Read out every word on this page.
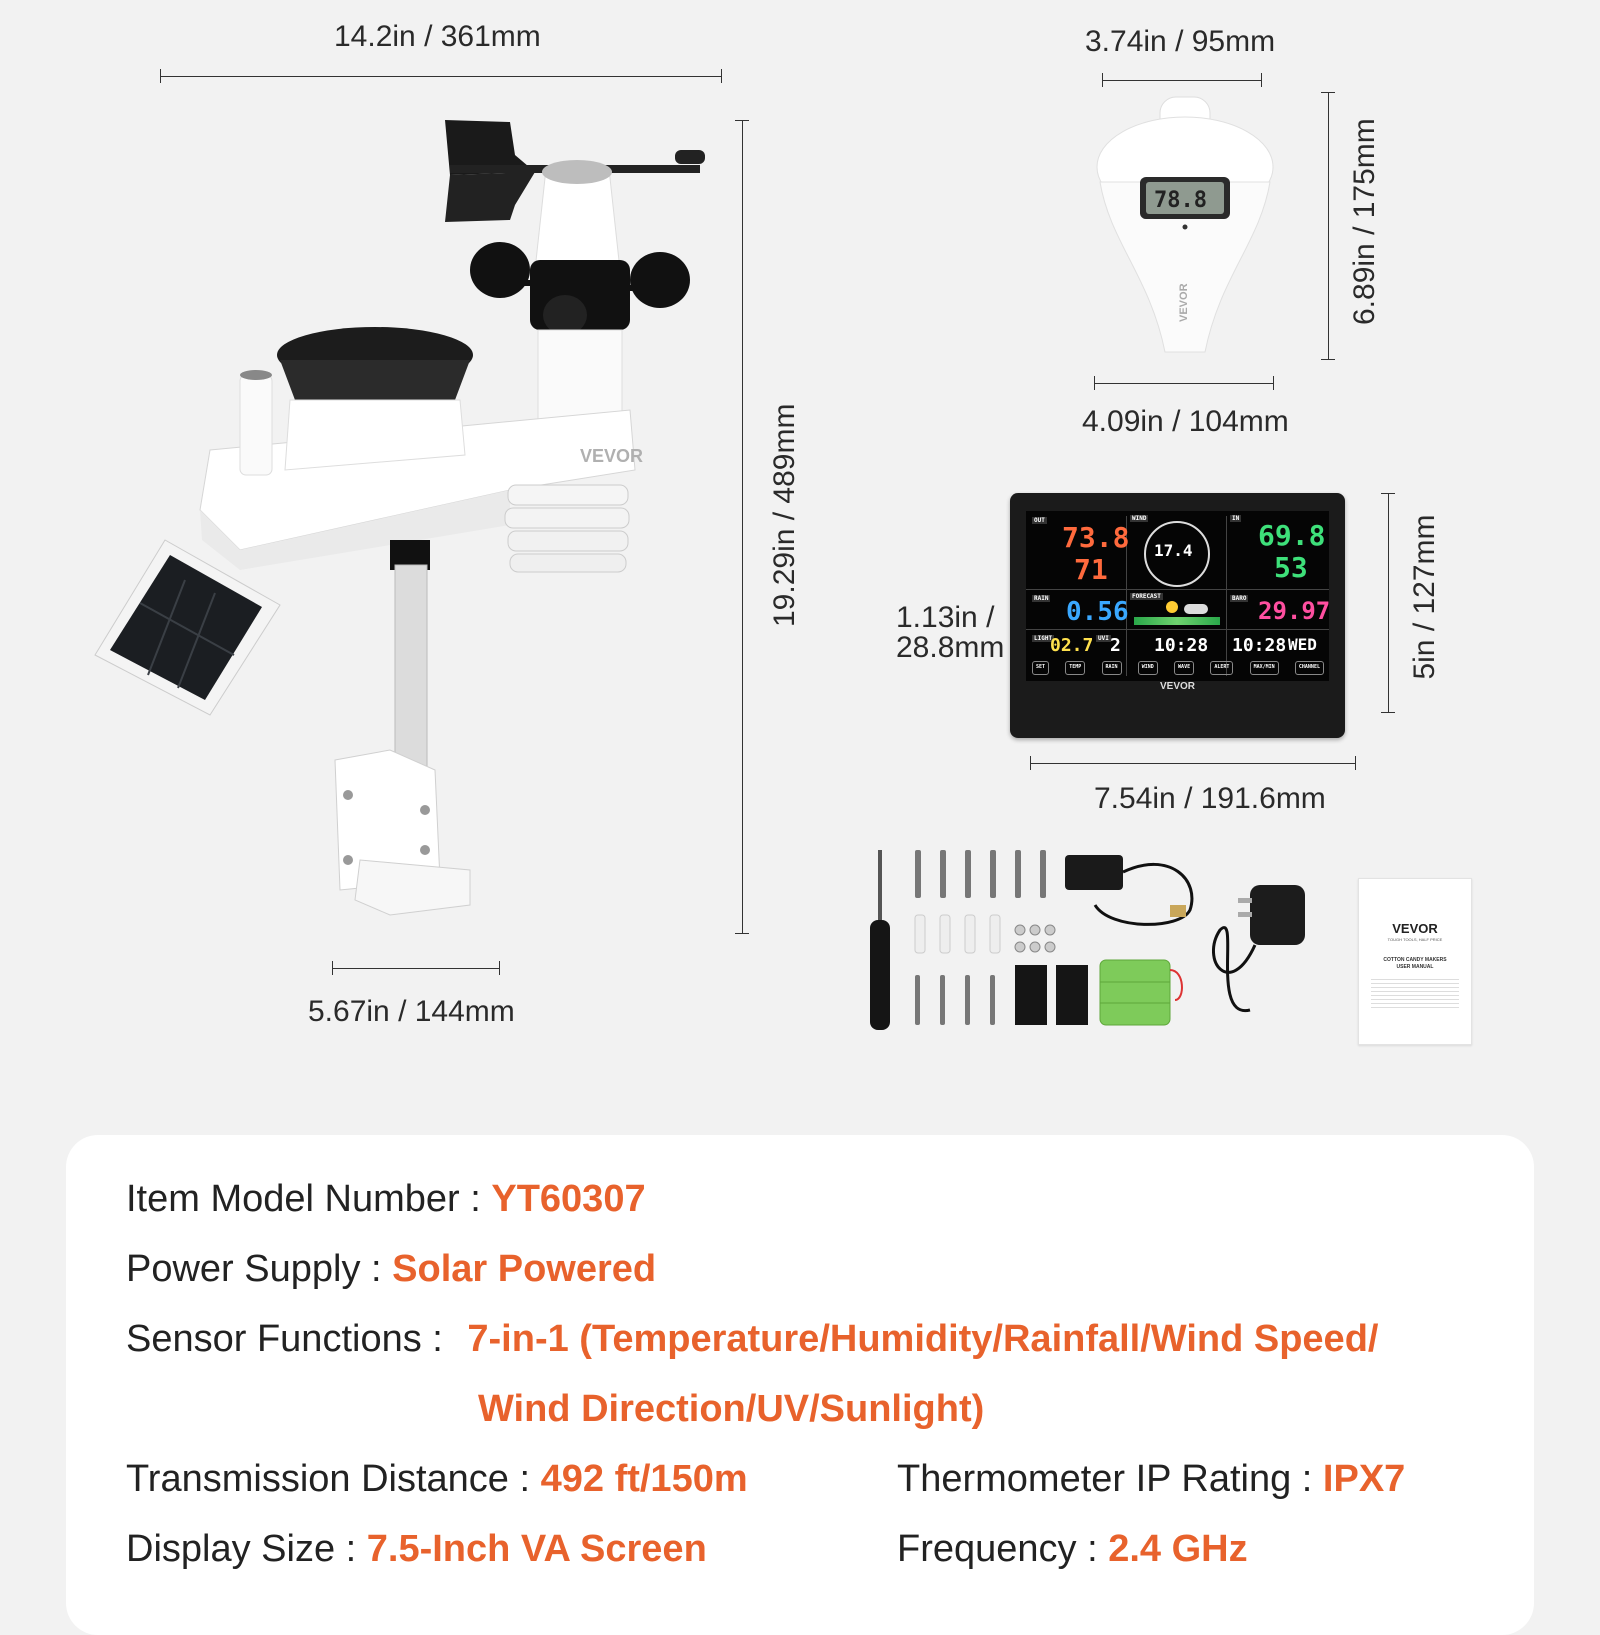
14.2in / 361mm
19.29in / 489mm
5.67in / 144mm
3.74in / 95mm
6.89in / 175mm
4.09in / 104mm
1.13in /
28.8mm	5in / 127mm
7.54in / 191.6mm
VEVOR
78.8
VEVOR
OUT
73.8
71
WIND
17.4
IN
69.8
53
RAIN 0.56
FORECAST	BARO 29.97
LIGHT
02.7 UVI 2 10:28 10:28 WED
SET	TEMP	RAIN	WIND	WAVE	ALERT	MAX/MIN	CHANNEL
VEVOR
VEVOR
TOUGH TOOLS, HALF PRICE
COTTON CANDY MAKERS
USER MANUAL
Item Model Number : YT60307
Power Supply : Solar Powered
Sensor Functions : 7-in-1 (Temperature/Humidity/Rainfall/Wind Speed/
Wind Direction/UV/Sunlight)
Transmission Distance : 492 ft/150m	Thermometer IP Rating : IPX7
Display Size : 7.5-Inch VA Screen	Frequency : 2.4 GHz
